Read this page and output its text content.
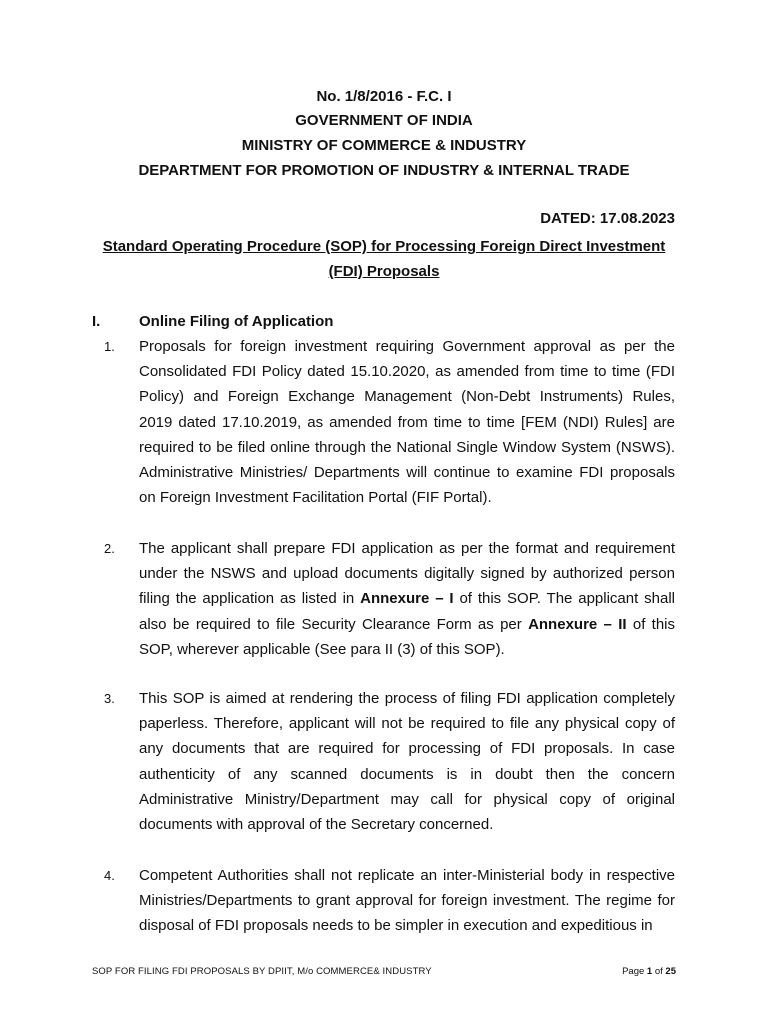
No. 1/8/2016 - F.C. I
GOVERNMENT OF INDIA
MINISTRY OF COMMERCE & INDUSTRY
DEPARTMENT FOR PROMOTION OF INDUSTRY & INTERNAL TRADE
DATED: 17.08.2023
Standard Operating Procedure (SOP) for Processing Foreign Direct Investment
(FDI) Proposals
I.	Online Filing of Application
1. Proposals for foreign investment requiring Government approval as per the Consolidated FDI Policy dated 15.10.2020, as amended from time to time (FDI Policy) and Foreign Exchange Management (Non-Debt Instruments) Rules, 2019 dated 17.10.2019, as amended from time to time [FEM (NDI) Rules] are required to be filed online through the National Single Window System (NSWS). Administrative Ministries/ Departments will continue to examine FDI proposals on Foreign Investment Facilitation Portal (FIF Portal).
2. The applicant shall prepare FDI application as per the format and requirement under the NSWS and upload documents digitally signed by authorized person filing the application as listed in Annexure – I of this SOP. The applicant shall also be required to file Security Clearance Form as per Annexure – II of this SOP, wherever applicable (See para II (3) of this SOP).
3. This SOP is aimed at rendering the process of filing FDI application completely paperless. Therefore, applicant will not be required to file any physical copy of any documents that are required for processing of FDI proposals. In case authenticity of any scanned documents is in doubt then the concern Administrative Ministry/Department may call for physical copy of original documents with approval of the Secretary concerned.
4. Competent Authorities shall not replicate an inter-Ministerial body in respective Ministries/Departments to grant approval for foreign investment. The regime for disposal of FDI proposals needs to be simpler in execution and expeditious in
SOP FOR FILING FDI PROPOSALS BY DPIIT, M/o COMMERCE& INDUSTRY	Page 1 of 25
